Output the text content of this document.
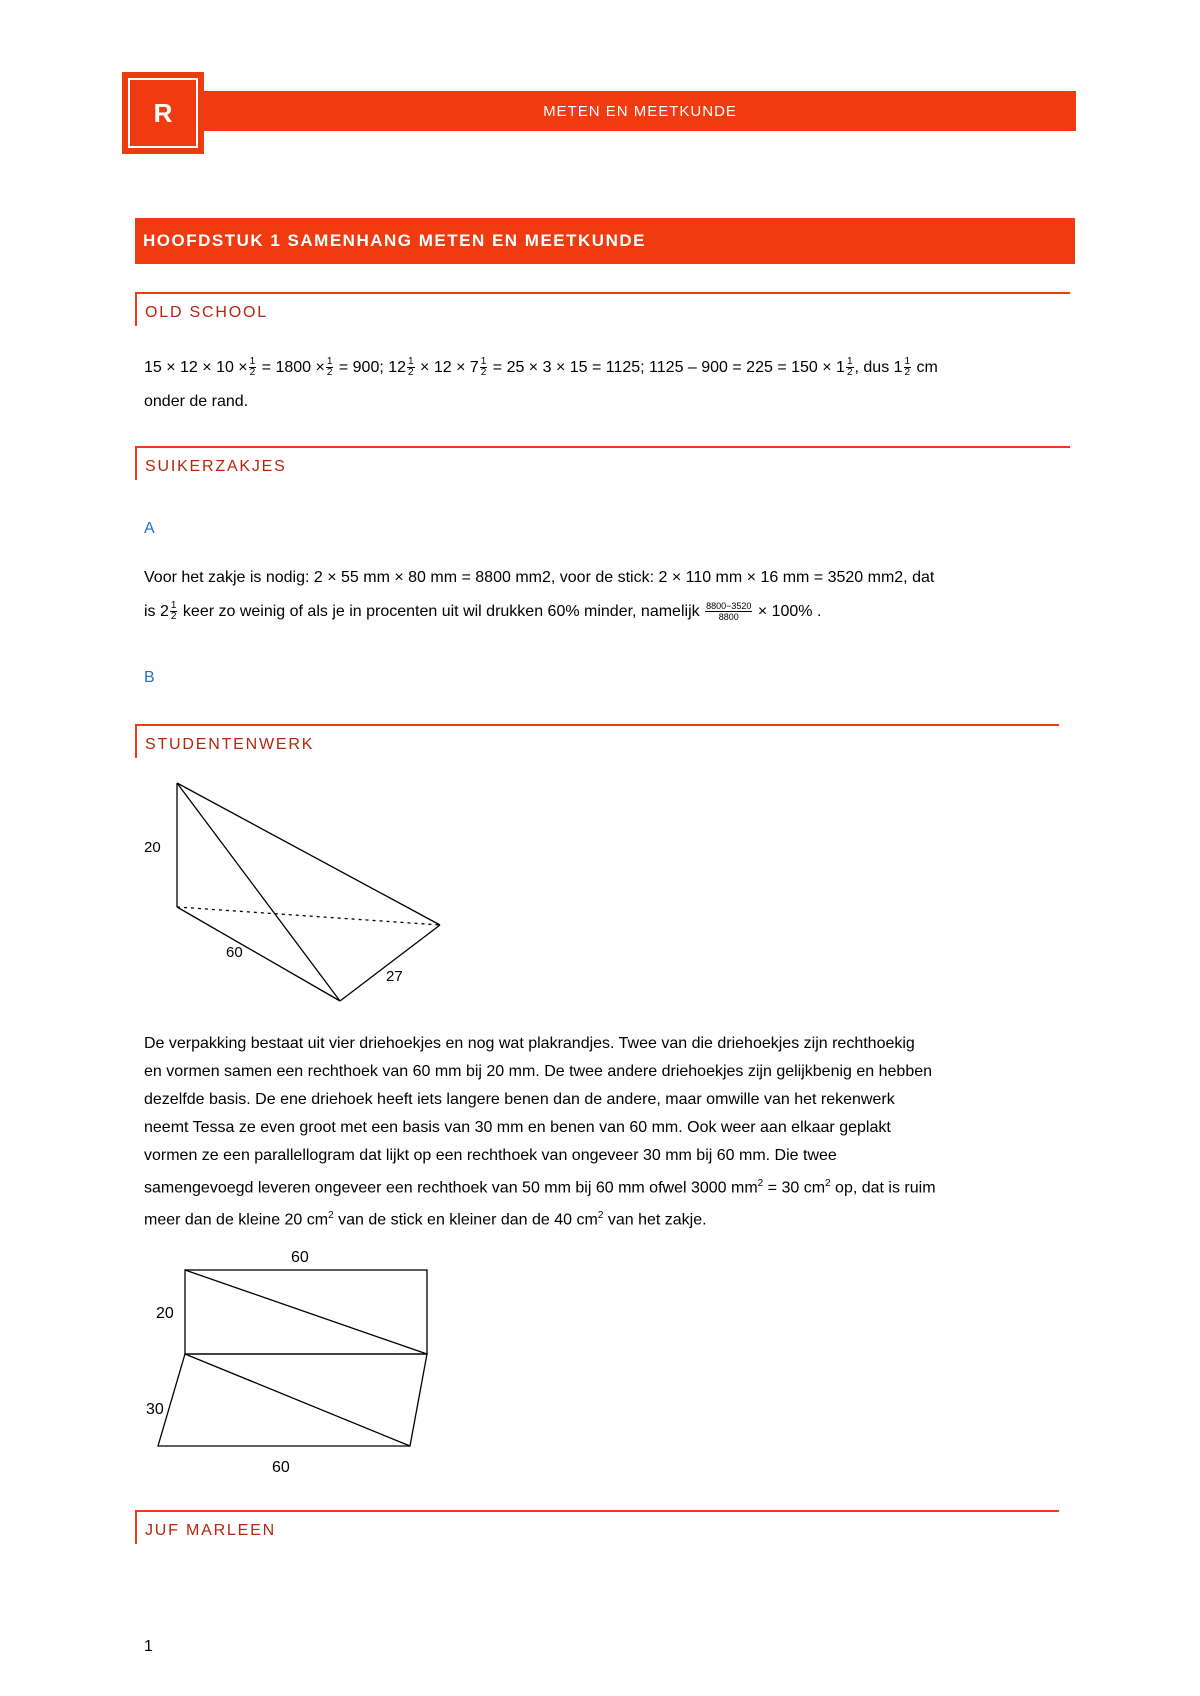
R	METEN EN MEETKUNDE
HOOFDSTUK 1 SAMENHANG METEN EN MEETKUNDE
OLD SCHOOL
$15 \times 12 \times 10 \times \frac{1}{2} = 1800 \times \frac{1}{2} = 900$; $12 \frac{1}{2} \times 12 \times 7 \frac{1}{2} = 25 \times 3 \times 15 = 1125$; $1125 - 900 = 225 = 150 \times 1 \frac{1}{2}$ , dus $1 \frac{1}{2}$ cm
onder de rand.
SUIKERZAKJES
A
Voor het zakje is nodig: 2 × 55 mm × 80 mm = 8800 mm2, voor de stick: 2 × 110 mm × 16 mm = 3520 mm2, dat
is $2 \frac{1}{2}$ keer zo weinig of als je in procenten uit wil drukken 60% minder, namelijk $\frac{8800-3520}{8800} \times 100\%$ .
B
STUDENTENWERK
20
60
27
De verpakking bestaat uit vier driehoekjes en nog wat plakrandjes. Twee van die driehoekjes zijn rechthoekig
en vormen samen een rechthoek van 60 mm bij 20 mm. De twee andere driehoekjes zijn gelijkbenig en hebben
dezelfde basis. De ene driehoek heeft iets langere benen dan de andere, maar omwille van het rekenwerk
neemt Tessa ze even groot met een basis van 30 mm en benen van 60 mm. Ook weer aan elkaar geplakt
vormen ze een parallellogram dat lijkt op een rechthoek van ongeveer 30 mm bij 60 mm. Die twee
samengevoegd leveren ongeveer een rechthoek van 50 mm bij 60 mm ofwel 3000 $mm^2 = 30$ $cm^2$ op, dat is ruim
meer dan de kleine 20 $cm^2$ van de stick en kleiner dan de 40 $cm^2$ van het zakje.
60
20
30
60
JUF MARLEEN
1
